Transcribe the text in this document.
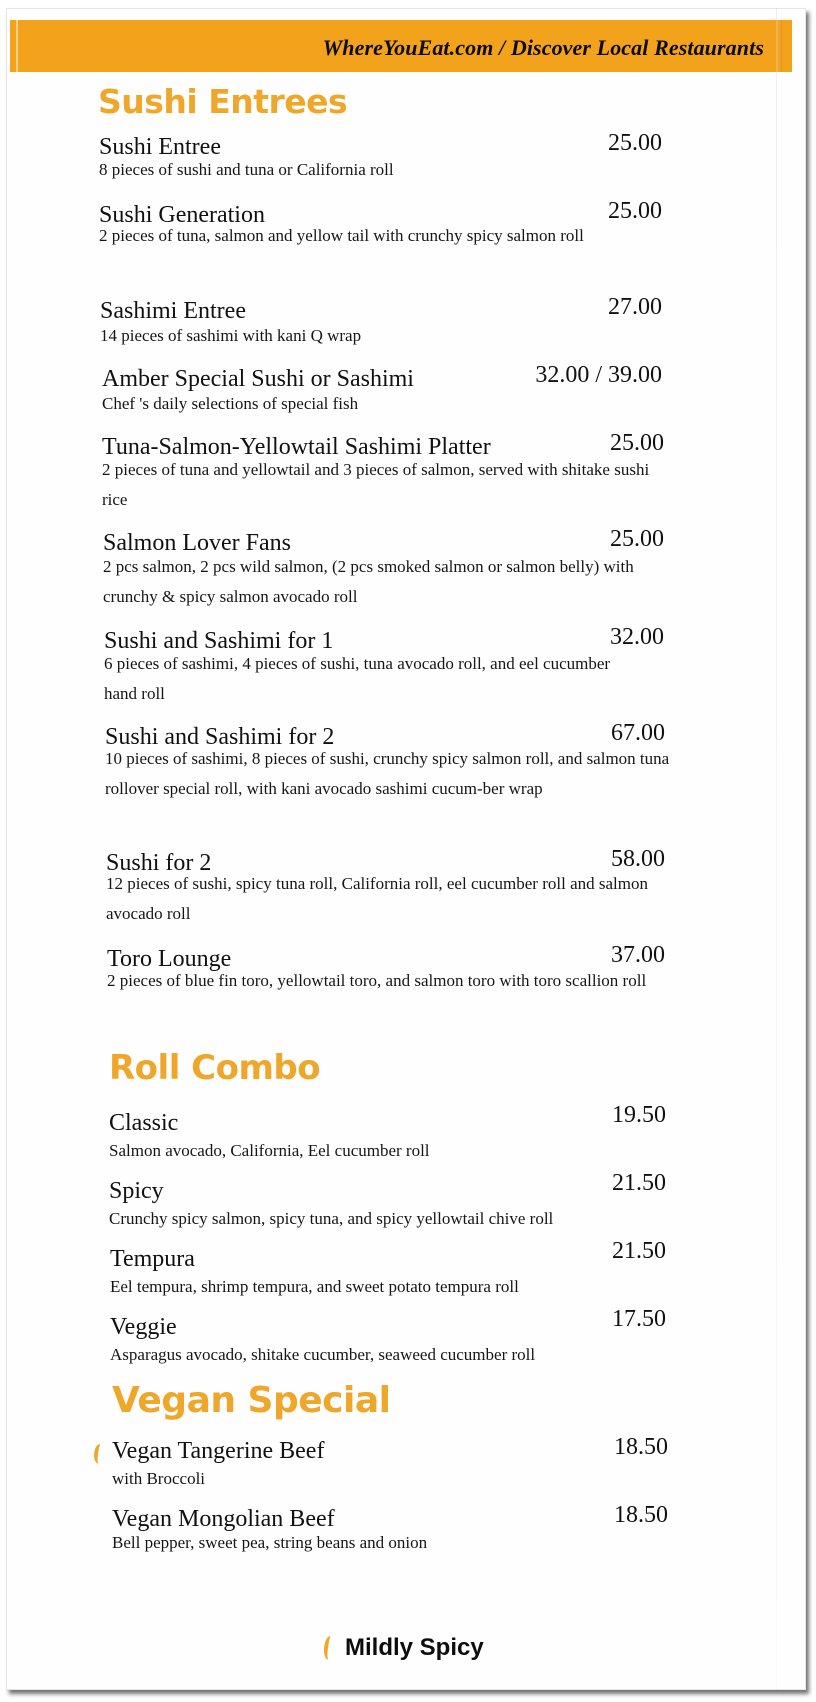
WhereYouEat.com / Discover Local Restaurants
Sushi Entrees
Sushi Entree	25.00
8 pieces of sushi and tuna or California roll
Sushi Generation	25.00
2 pieces of tuna, salmon and yellow tail with crunchy spicy salmon roll
Sashimi Entree	27.00
14 pieces of sashimi with kani Q wrap
Amber Special Sushi or Sashimi	32.00 / 39.00
Chef 's daily selections of special fish
Tuna-Salmon-Yellowtail Sashimi Platter	25.00
2 pieces of tuna and yellowtail and 3 pieces of salmon, served with shitake sushi rice
Salmon Lover Fans	25.00
2 pcs salmon, 2 pcs wild salmon, (2 pcs smoked salmon or salmon belly) with crunchy & spicy salmon avocado roll
Sushi and Sashimi for 1	32.00
6 pieces of sashimi, 4 pieces of sushi, tuna avocado roll, and eel cucumber hand roll
Sushi and Sashimi for 2	67.00
10 pieces of sashimi, 8 pieces of sushi, crunchy spicy salmon roll, and salmon tuna rollover special roll, with kani avocado sashimi cucum-ber wrap
Sushi for 2	58.00
12 pieces of sushi, spicy tuna roll, California roll, eel cucumber roll and salmon avocado roll
Toro Lounge	37.00
2 pieces of blue fin toro, yellowtail toro, and salmon toro with toro scallion roll
Roll Combo
Classic	19.50
Salmon avocado, California, Eel cucumber roll
Spicy	21.50
Crunchy spicy salmon, spicy tuna, and spicy yellowtail chive roll
Tempura	21.50
Eel tempura, shrimp tempura, and sweet potato tempura roll
Veggie	17.50
Asparagus avocado, shitake cucumber, seaweed cucumber roll
Vegan Special
Vegan Tangerine Beef	18.50
with Broccoli
Vegan Mongolian Beef	18.50
Bell pepper, sweet pea, string beans and onion
Mildly Spicy
